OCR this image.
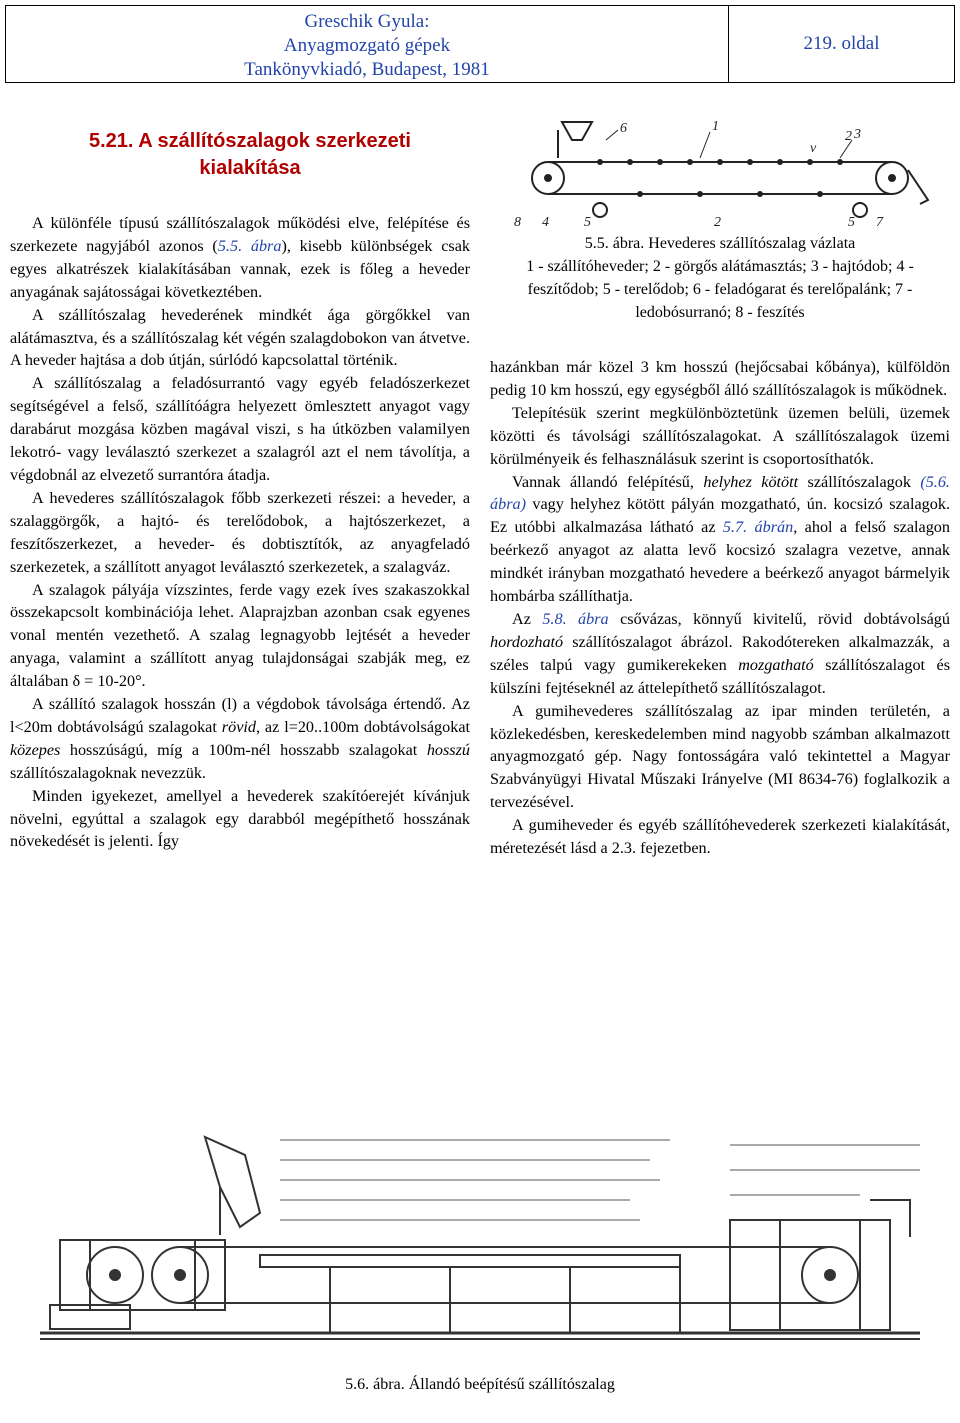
Greschik Gyula:
Anyagmozgató gépek
Tankönyvkiadó, Budapest, 1981
219. oldal
5.21. A szállítószalagok szerkezeti kialakítása

A különféle típusú szállítószalagok működési elve, felépítése és szerkezete nagyjából azonos (5.5. ábra), kisebb különbségek csak egyes alkatrészek kialakításában vannak, ezek is főleg a heveder anyagának sajátosságai következtében.

A szállítószalag hevederének mindkét ága görgőkkel van alátámasztva, és a szállítószalag két végén szalagdobokon van átvetve. A heveder hajtása a dob útján, súrlódó kapcsolattal történik.

A szállítószalag a feladósurrantó vagy egyéb feladószerkezet segítségével a felső, szállítóágra helyezett ömlesztett anyagot vagy darabárut mozgása közben magával viszi, s ha útközben valamilyen lekotró- vagy leválasztó szerkezet a szalagról azt el nem távolítja, a végdobnál az elvezető surrantóra átadja.

A hevederes szállítószalagok főbb szerkezeti részei: a heveder, a szalaggörgők, a hajtó- és terelődobok, a hajtószerkezet, a feszítőszerkezet, a heveder- és dobtisztítók, az anyagfeladó szerkezetek, a szállított anyagot leválasztó szerkezetek, a szalagváz.

A szalagok pályája vízszintes, ferde vagy ezek íves szakaszokkal összekapcsolt kombinációja lehet. Alaprajzban azonban csak egyenes vonal mentén vezethető. A szalag legnagyobb lejtését a heveder anyaga, valamint a szállított anyag tulajdonságai szabják meg, ez általában δ = 10-20°.

A szállító szalagok hosszán (l) a végdobok távolsága értendő. Az l<20m dobtávolságú szalagokat rövid, az l=20..100m dobtávolságokat közepes hosszúságú, míg a 100m-nél hosszabb szalagokat hosszú szállítószalagoknak nevezzük.

Minden igyekezet, amellyel a hevederek szakítóerejét kívánjuk növelni, egyúttal a szalagok egy darabból megépíthető hosszának növekedését is jelenti. Így

6	1
3
v
2
8 4	5	2	5 7
5.5. ábra. Hevederes szállítószalag vázlata
1 - szállítóheveder; 2 - görgős alátámasztás; 3 - hajtódob; 4 - feszítődob; 5 - terelődob; 6 - feladógarat és terelőpalánk; 7 - ledobósurranó; 8 - feszítés

hazánkban már közel 3 km hosszú (hejőcsabai kőbánya), külföldön pedig 10 km hosszú, egy egységből álló szállítószalagok is működnek.

Telepítésük szerint megkülönböztetünk üzemen belüli, üzemek közötti és távolsági szállítószalagokat. A szállítószalagok üzemi körülményeik és felhasználásuk szerint is csoportosíthatók.

Vannak állandó felépítésű, helyhez kötött szállítószalagok (5.6. ábra) vagy helyhez kötött pályán mozgatható, ún. kocsizó szalagok. Ez utóbbi alkalmazása látható az 5.7. ábrán, ahol a felső szalagon beérkező anyagot az alatta levő kocsizó szalagra vezetve, annak mindkét irányban mozgatható hevedere a beérkező anyagot bármelyik hombárba szállíthatja.

Az 5.8. ábra csővázas, könnyű kivitelű, rövid dobtávolságú hordozható szállítószalagot ábrázol. Rakodótereken alkalmazzák, a széles talpú vagy gumikerekeken mozgatható szállítószalagot és külszíni fejtéseknél az áttelepíthető szállítószalagot.

A gumihevederes szállítószalag az ipar minden területén, a közlekedésben, kereskedelemben mind nagyobb számban alkalmazott anyagmozgató gép. Nagy fontosságára való tekintettel a Magyar Szabványügyi Hivatal Műszaki Irányelve (MI 8634-76) foglalkozik a tervezésével.

A gumiheveder és egyéb szállítóhevederek szerkezeti kialakítását, méretezését lásd a 2.3. fejezetben.

5.6. ábra. Állandó beépítésű szállítószalag
